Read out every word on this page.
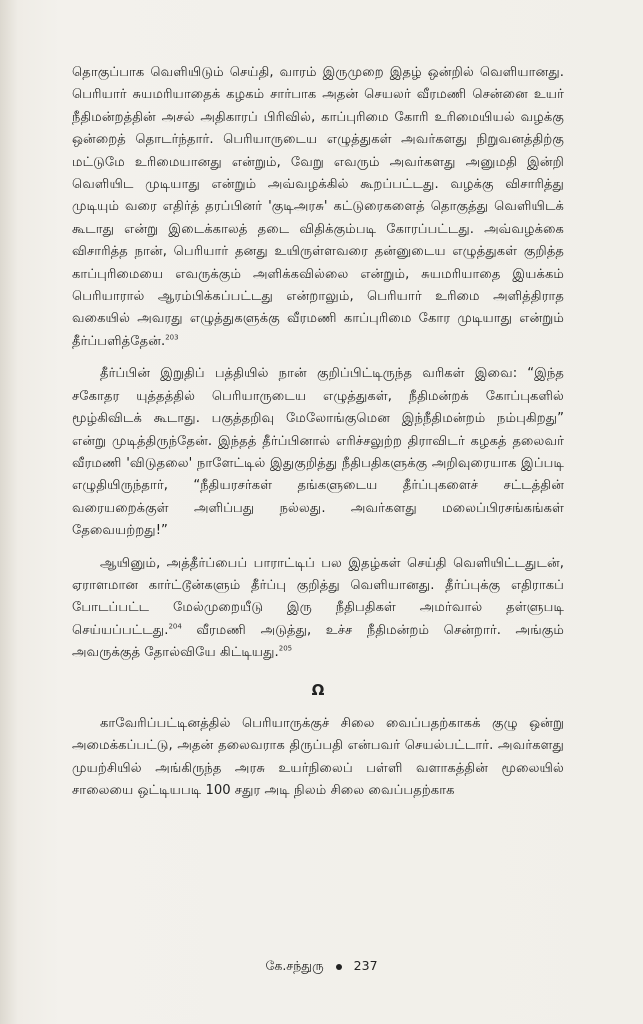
தொகுப்பாக வெளியிடும் செய்தி, வாரம் இருமுறை இதழ் ஒன்றில் வெளியானது. பெரியார் சுயமரியாதைக் கழகம் சார்பாக அதன் செயலர் வீரமணி சென்னை உயர் நீதிமன்றத்தின் அசல் அதிகாரப் பிரிவில், காப்புரிமை கோரி உரிமையியல் வழக்கு ஒன்றைத் தொடர்ந்தார். பெரியாருடைய எழுத்துகள் அவர்களது நிறுவனத்திற்கு மட்டுமே உரிமையானது என்றும், வேறு எவரும் அவர்களது அனுமதி இன்றி வெளியிட முடியாது என்றும் அவ்வழக்கில் கூறப்பட்டது. வழக்கு விசாரித்து முடியும் வரை எதிர்த் தரப்பினர் 'குடிஅரசு' கட்டுரைகளைத் தொகுத்து வெளியிடக் கூடாது என்று இடைக்காலத் தடை விதிக்கும்படி கோரப்பட்டது. அவ்வழக்கை விசாரித்த நான், பெரியார் தனது உயிருள்ளவரை தன்னுடைய எழுத்துகள் குறித்த காப்புரிமையை எவருக்கும் அளிக்கவில்லை என்றும், சுயமரியாதை இயக்கம் பெரியாரால் ஆரம்பிக்கப்பட்டது என்றாலும், பெரியார் உரிமை அளித்திராத வகையில் அவரது எழுத்துகளுக்கு வீரமணி காப்புரிமை கோர முடியாது என்றும் தீர்ப்பளித்தேன்.$^{203}$

தீர்ப்பின் இறுதிப் பத்தியில் நான் குறிப்பிட்டிருந்த வரிகள் இவை: “இந்த சகோதர யுத்தத்தில் பெரியாருடைய எழுத்துகள், நீதிமன்றக் கோப்புகளில் மூழ்கிவிடக் கூடாது. பகுத்தறிவு மேலோங்குமென இந்நீதிமன்றம் நம்புகிறது” என்று முடித்திருந்தேன். இந்தத் தீர்ப்பினால் எரிச்சலுற்ற திராவிடர் கழகத் தலைவர் வீரமணி 'விடுதலை' நாளேட்டில் இதுகுறித்து நீதிபதிகளுக்கு அறிவுரையாக இப்படி எழுதியிருந்தார், “நீதியரசர்கள் தங்களுடைய தீர்ப்புகளைச் சட்டத்தின் வரையறைக்குள் அளிப்பது நல்லது. அவர்களது மலைப்பிரசங்கங்கள் தேவையற்றது!”

ஆயினும், அத்தீர்ப்பைப் பாராட்டிப் பல இதழ்கள் செய்தி வெளியிட்டதுடன், ஏராளமான கார்ட்டூன்களும் தீர்ப்பு குறித்து வெளியானது. தீர்ப்புக்கு எதிராகப் போடப்பட்ட மேல்முறையீடு இரு நீதிபதிகள் அமர்வால் தள்ளுபடி செய்யப்பட்டது.$^{204}$ வீரமணி அடுத்து, உச்ச நீதிமன்றம் சென்றார். அங்கும் அவருக்குத் தோல்வியே கிட்டியது.$^{205}$

Ω

காவேரிப்பட்டினத்தில் பெரியாருக்குச் சிலை வைப்பதற்காகக் குழு ஒன்று அமைக்கப்பட்டு, அதன் தலைவராக திருப்பதி என்பவர் செயல்பட்டார். அவர்களது முயற்சியில் அங்கிருந்த அரசு உயர்நிலைப் பள்ளி வளாகத்தின் மூலையில் சாலையை ஒட்டியபடி 100 சதுர அடி நிலம் சிலை வைப்பதற்காக

கே.சந்துரு 237
